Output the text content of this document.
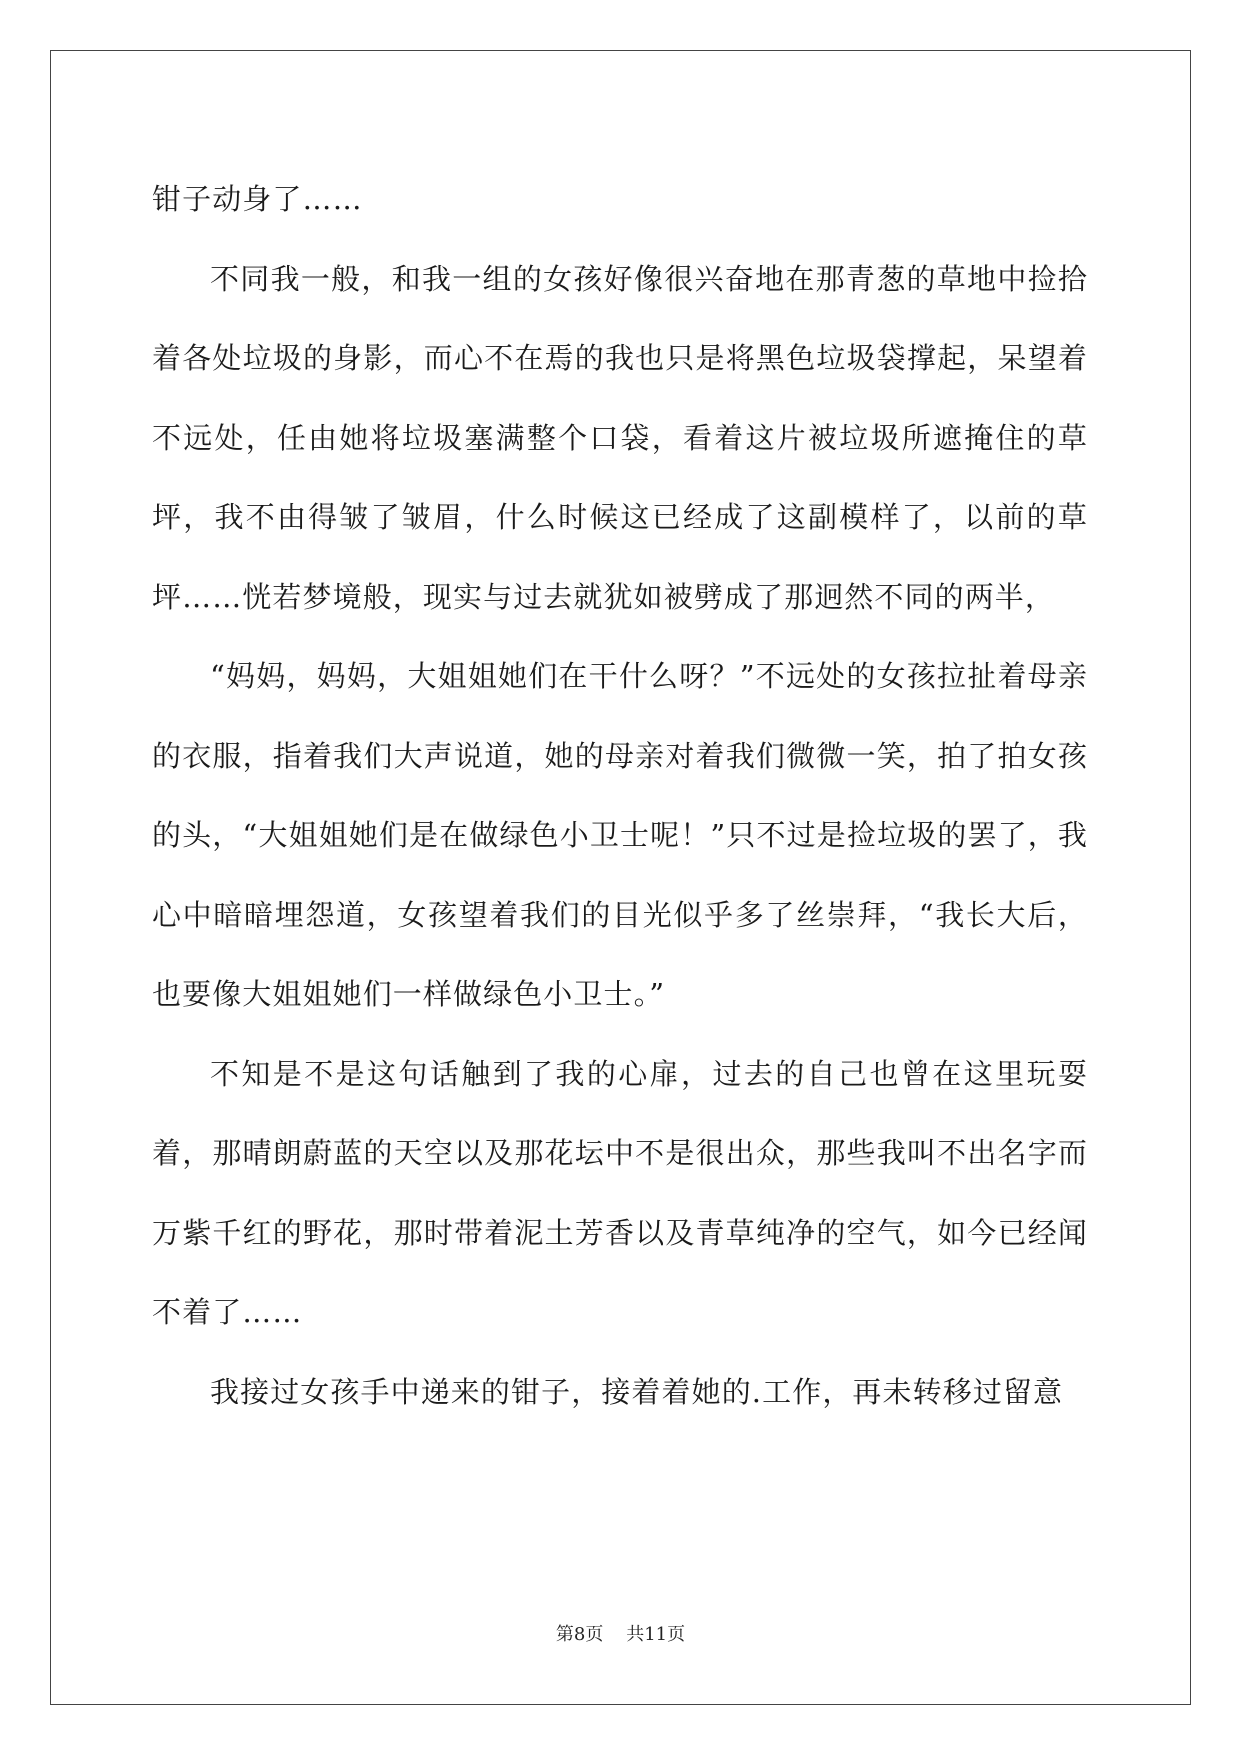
钳子动身了……

不同我一般，和我一组的女孩好像很兴奋地在那青葱的草地中捡拾着各处垃圾的身影，而心不在焉的我也只是将黑色垃圾袋撑起，呆望着不远处，任由她将垃圾塞满整个口袋，看着这片被垃圾所遮掩住的草坪，我不由得皱了皱眉，什么时候这已经成了这副模样了，以前的草坪……恍若梦境般，现实与过去就犹如被劈成了那迥然不同的两半，

“妈妈，妈妈，大姐姐她们在干什么呀？”不远处的女孩拉扯着母亲的衣服，指着我们大声说道，她的母亲对着我们微微一笑，拍了拍女孩的头，“大姐姐她们是在做绿色小卫士呢！”只不过是捡垃圾的罢了，我心中暗暗埋怨道，女孩望着我们的目光似乎多了丝崇拜，“我长大后，也要像大姐姐她们一样做绿色小卫士。”

不知是不是这句话触到了我的心扉，过去的自己也曾在这里玩耍着，那晴朗蔚蓝的天空以及那花坛中不是很出众，那些我叫不出名字而万紫千红的野花，那时带着泥土芳香以及青草纯净的空气，如今已经闻不着了……

我接过女孩手中递来的钳子，接着着她的.工作，再未转移过留意

第8页 共11页
